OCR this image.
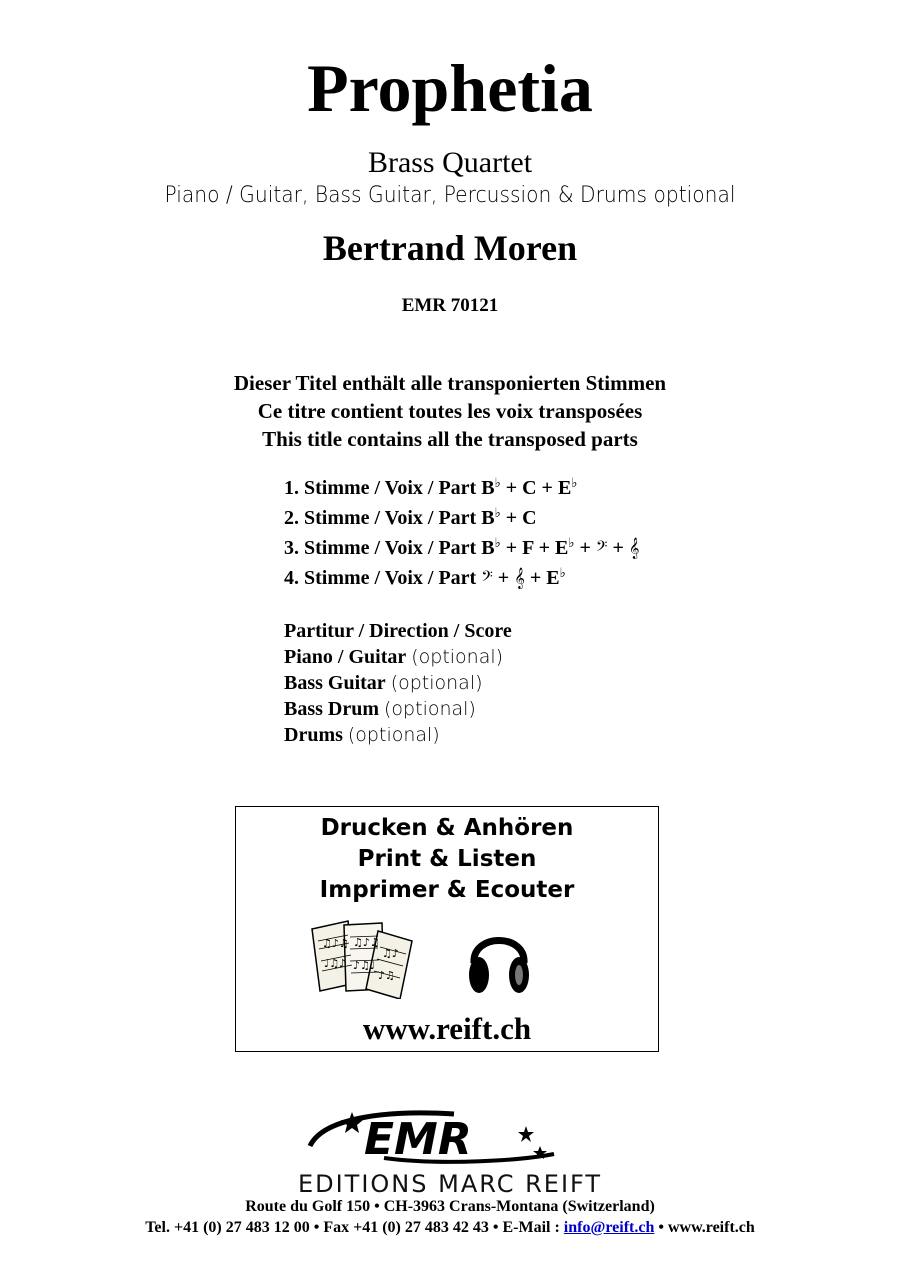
Prophetia
Brass Quartet
Piano / Guitar, Bass Guitar, Percussion & Drums optional
Bertrand Moren
EMR 70121
Dieser Titel enthält alle transponierten Stimmen
Ce titre contient toutes les voix transposées
This title contains all the transposed parts
1. Stimme / Voix / Part B♭ + C + E♭
2. Stimme / Voix / Part B♭ + C
3. Stimme / Voix / Part B♭ + F + E♭ + 𝄢 + 𝄞
4. Stimme / Voix / Part 𝄢 + 𝄞 + E♭
Partitur / Direction / Score
Piano / Guitar (optional)
Bass Guitar (optional)
Bass Drum (optional)
Drums (optional)
Drucken & Anhören
Print & Listen
Imprimer & Ecouter
♫♪♫
♩♫♪
♫♪♫
♪♫♩
♫♪
♪♫
www.reift.ch
EMR
EDITIONS MARC REIFT
Route du Golf 150 • CH-3963 Crans-Montana (Switzerland)
Tel. +41 (0) 27 483 12 00 • Fax +41 (0) 27 483 42 43 • E-Mail : info@reift.ch • www.reift.ch
